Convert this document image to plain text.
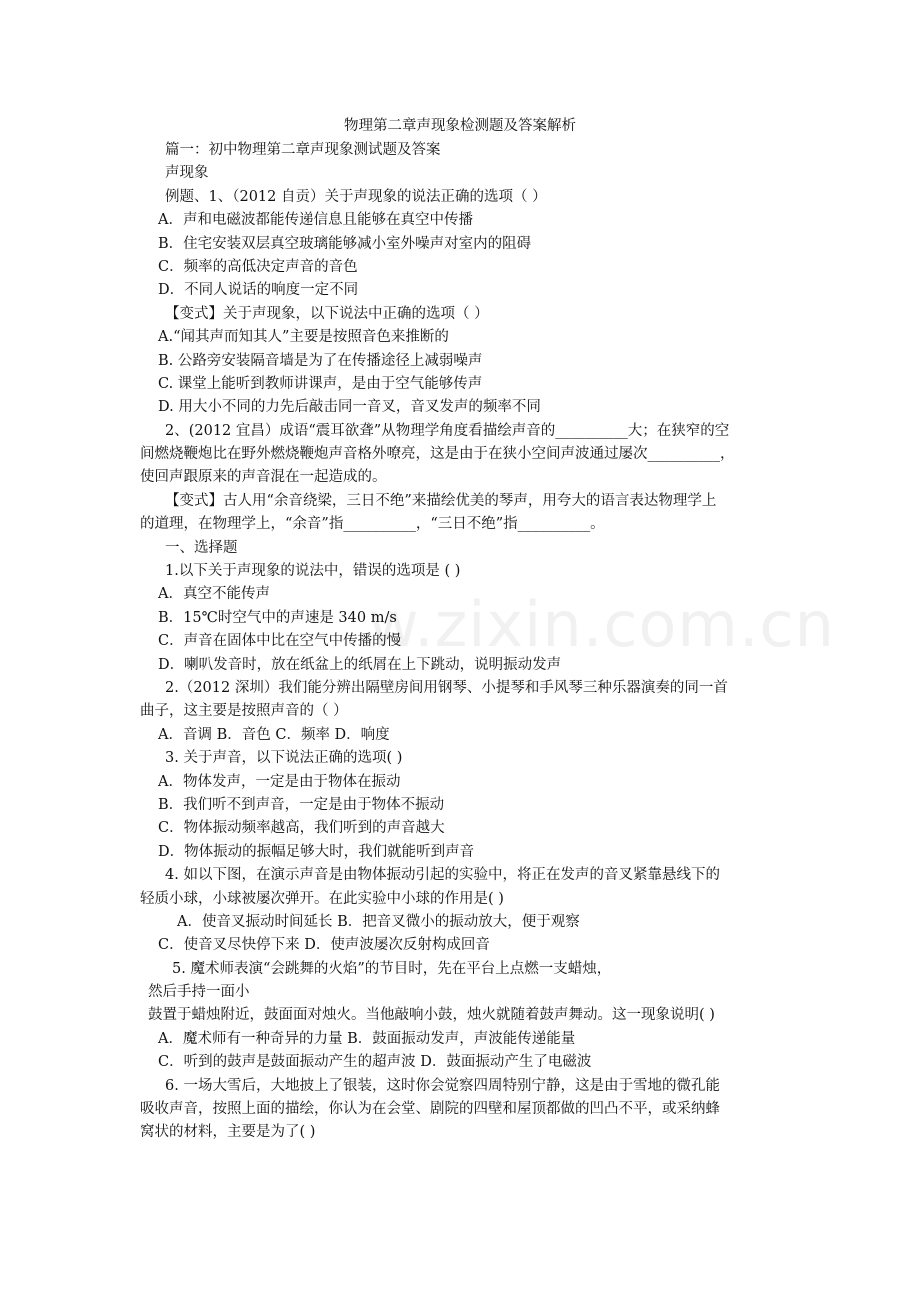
w.zixin.com.cn
物理第二章声现象检测题及答案解析
篇一：初中物理第二章声现象测试题及答案
声现象
例题、1、（2012 自贡）关于声现象的说法正确的选项（ ）
A．声和电磁波都能传递信息且能够在真空中传播
B．住宅安装双层真空玻璃能够减小室外噪声对室内的阻碍
C．频率的高低决定声音的音色
D．不同人说话的响度一定不同
【变式】关于声现象，以下说法中正确的选项（ ）
A.“闻其声而知其人”主要是按照音色来推断的
B. 公路旁安装隔音墙是为了在传播途径上减弱噪声
C. 课堂上能听到教师讲课声，是由于空气能够传声
D. 用大小不同的力先后敲击同一音叉，音叉发声的频率不同
2、(2012 宜昌）成语“震耳欲聋”从物理学角度看描绘声音的__________大；在狭窄的空
间燃烧鞭炮比在野外燃烧鞭炮声音格外嘹亮，这是由于在狭小空间声波通过屡次__________，
使回声跟原来的声音混在一起造成的。
【变式】古人用“余音绕梁，三日不绝”来描绘优美的琴声，用夸大的语言表达物理学上
的道理，在物理学上，“余音”指__________，“三日不绝”指__________。
一、选择题
1.以下关于声现象的说法中，错误的选项是 ( )
A．真空不能传声
B．15℃时空气中的声速是 340 m/s
C．声音在固体中比在空气中传播的慢
D．喇叭发音时，放在纸盆上的纸屑在上下跳动，说明振动发声
2.（2012 深圳）我们能分辨出隔壁房间用钢琴、小提琴和手风琴三种乐器演奏的同一首
曲子，这主要是按照声音的（ ）
A．音调 B．音色 C．频率 D．响度
3. 关于声音，以下说法正确的选项( )
A．物体发声，一定是由于物体在振动
B．我们听不到声音，一定是由于物体不振动
C．物体振动频率越高，我们听到的声音越大
D．物体振动的振幅足够大时，我们就能听到声音
4. 如以下图，在演示声音是由物体振动引起的实验中，将正在发声的音叉紧靠悬线下的
轻质小球，小球被屡次弹开。在此实验中小球的作用是( )
A．使音叉振动时间延长 B．把音叉微小的振动放大，便于观察
C．使音叉尽快停下来 D．使声波屡次反射构成回音
5. 魔术师表演“会跳舞的火焰”的节目时，先在平台上点燃一支蜡烛，
然后手持一面小
鼓置于蜡烛附近，鼓面面对烛火。当他敲响小鼓，烛火就随着鼓声舞动。这一现象说明( )
A．魔术师有一种奇异的力量 B．鼓面振动发声，声波能传递能量
C．听到的鼓声是鼓面振动产生的超声波 D．鼓面振动产生了电磁波
6. 一场大雪后，大地披上了银装，这时你会觉察四周特别宁静，这是由于雪地的微孔能
吸收声音，按照上面的描绘，你认为在会堂、剧院的四壁和屋顶都做的凹凸不平，或采纳蜂
窝状的材料，主要是为了( )
